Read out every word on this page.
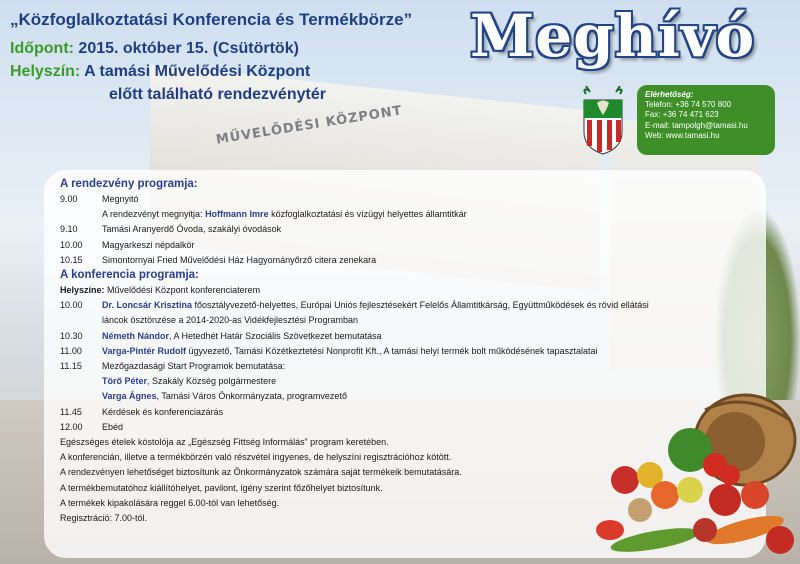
MŰVELŐDÉSI KÖZPONT
„Közfoglalkoztatási Konferencia és Termékbörze”
Időpont: 2015. október 15. (Csütörtök)
Helyszín: A tamási Művelődési Központ
előtt található rendezvénytér
Meghívó
Elérhetőség:
Telefon: +36 74 570 800
Fax: +36 74 471 623
E-mail: tampolgh@tamasi.hu
Web: www.tamasi.hu
A rendezvény programja:
9.00	Megnyitó
A rendezvényt megnyitja: Hoffmann Imre közfoglalkoztatási és vízügyi helyettes államtitkár
9.10	Tamási Aranyerdő Óvoda, szakályi óvodások
10.00	Magyarkeszi népdalkör
10.15	Simontornyai Fried Művelődési Ház Hagyományőrző citera zenekara
A konferencia programja:
Helyszíne: Művelődési Központ konferenciaterem
10.00	Dr. Loncsár Krisztina főosztályvezető-helyettes, Európai Uniós fejlesztésekért Felelős Államtitkárság, Együttműködések és rövid ellátási
láncok ösztönzése a 2014-2020-as Vidékfejlesztési Programban
10.30	Németh Nándor, A Hetedhét Határ Szociális Szövetkezet bemutatása
11.00	Varga-Pintér Rudolf ügyvezető, Tamási Közétkeztetési Nonprofit Kft., A tamási helyi termék bolt működésének tapasztalatai
11.15	Mezőgazdasági Start Programok bemutatása:
Törő Péter, Szakály Község polgármestere
Varga Ágnes, Tamási Város Önkormányzata, programvezető
11.45	Kérdések és konferenciazárás
12.00	Ebéd
Egészséges ételek kóstolója az „Egészség Fittség Informálás” program keretében.
A konferencián, illetve a termékbörzén való részvétel ingyenes, de helyszíni regisztrációhoz kötött.
A rendezvényen lehetőséget biztosítunk az Önkormányzatok számára saját termékeik bemutatására.
A termékbemutatóhoz kiállítóhelyet, pavilont, igény szerint főzőhelyet biztosítunk.
A termékek kipakolására reggel 6.00-tól van lehetőség.
Regisztráció: 7.00-tól.
